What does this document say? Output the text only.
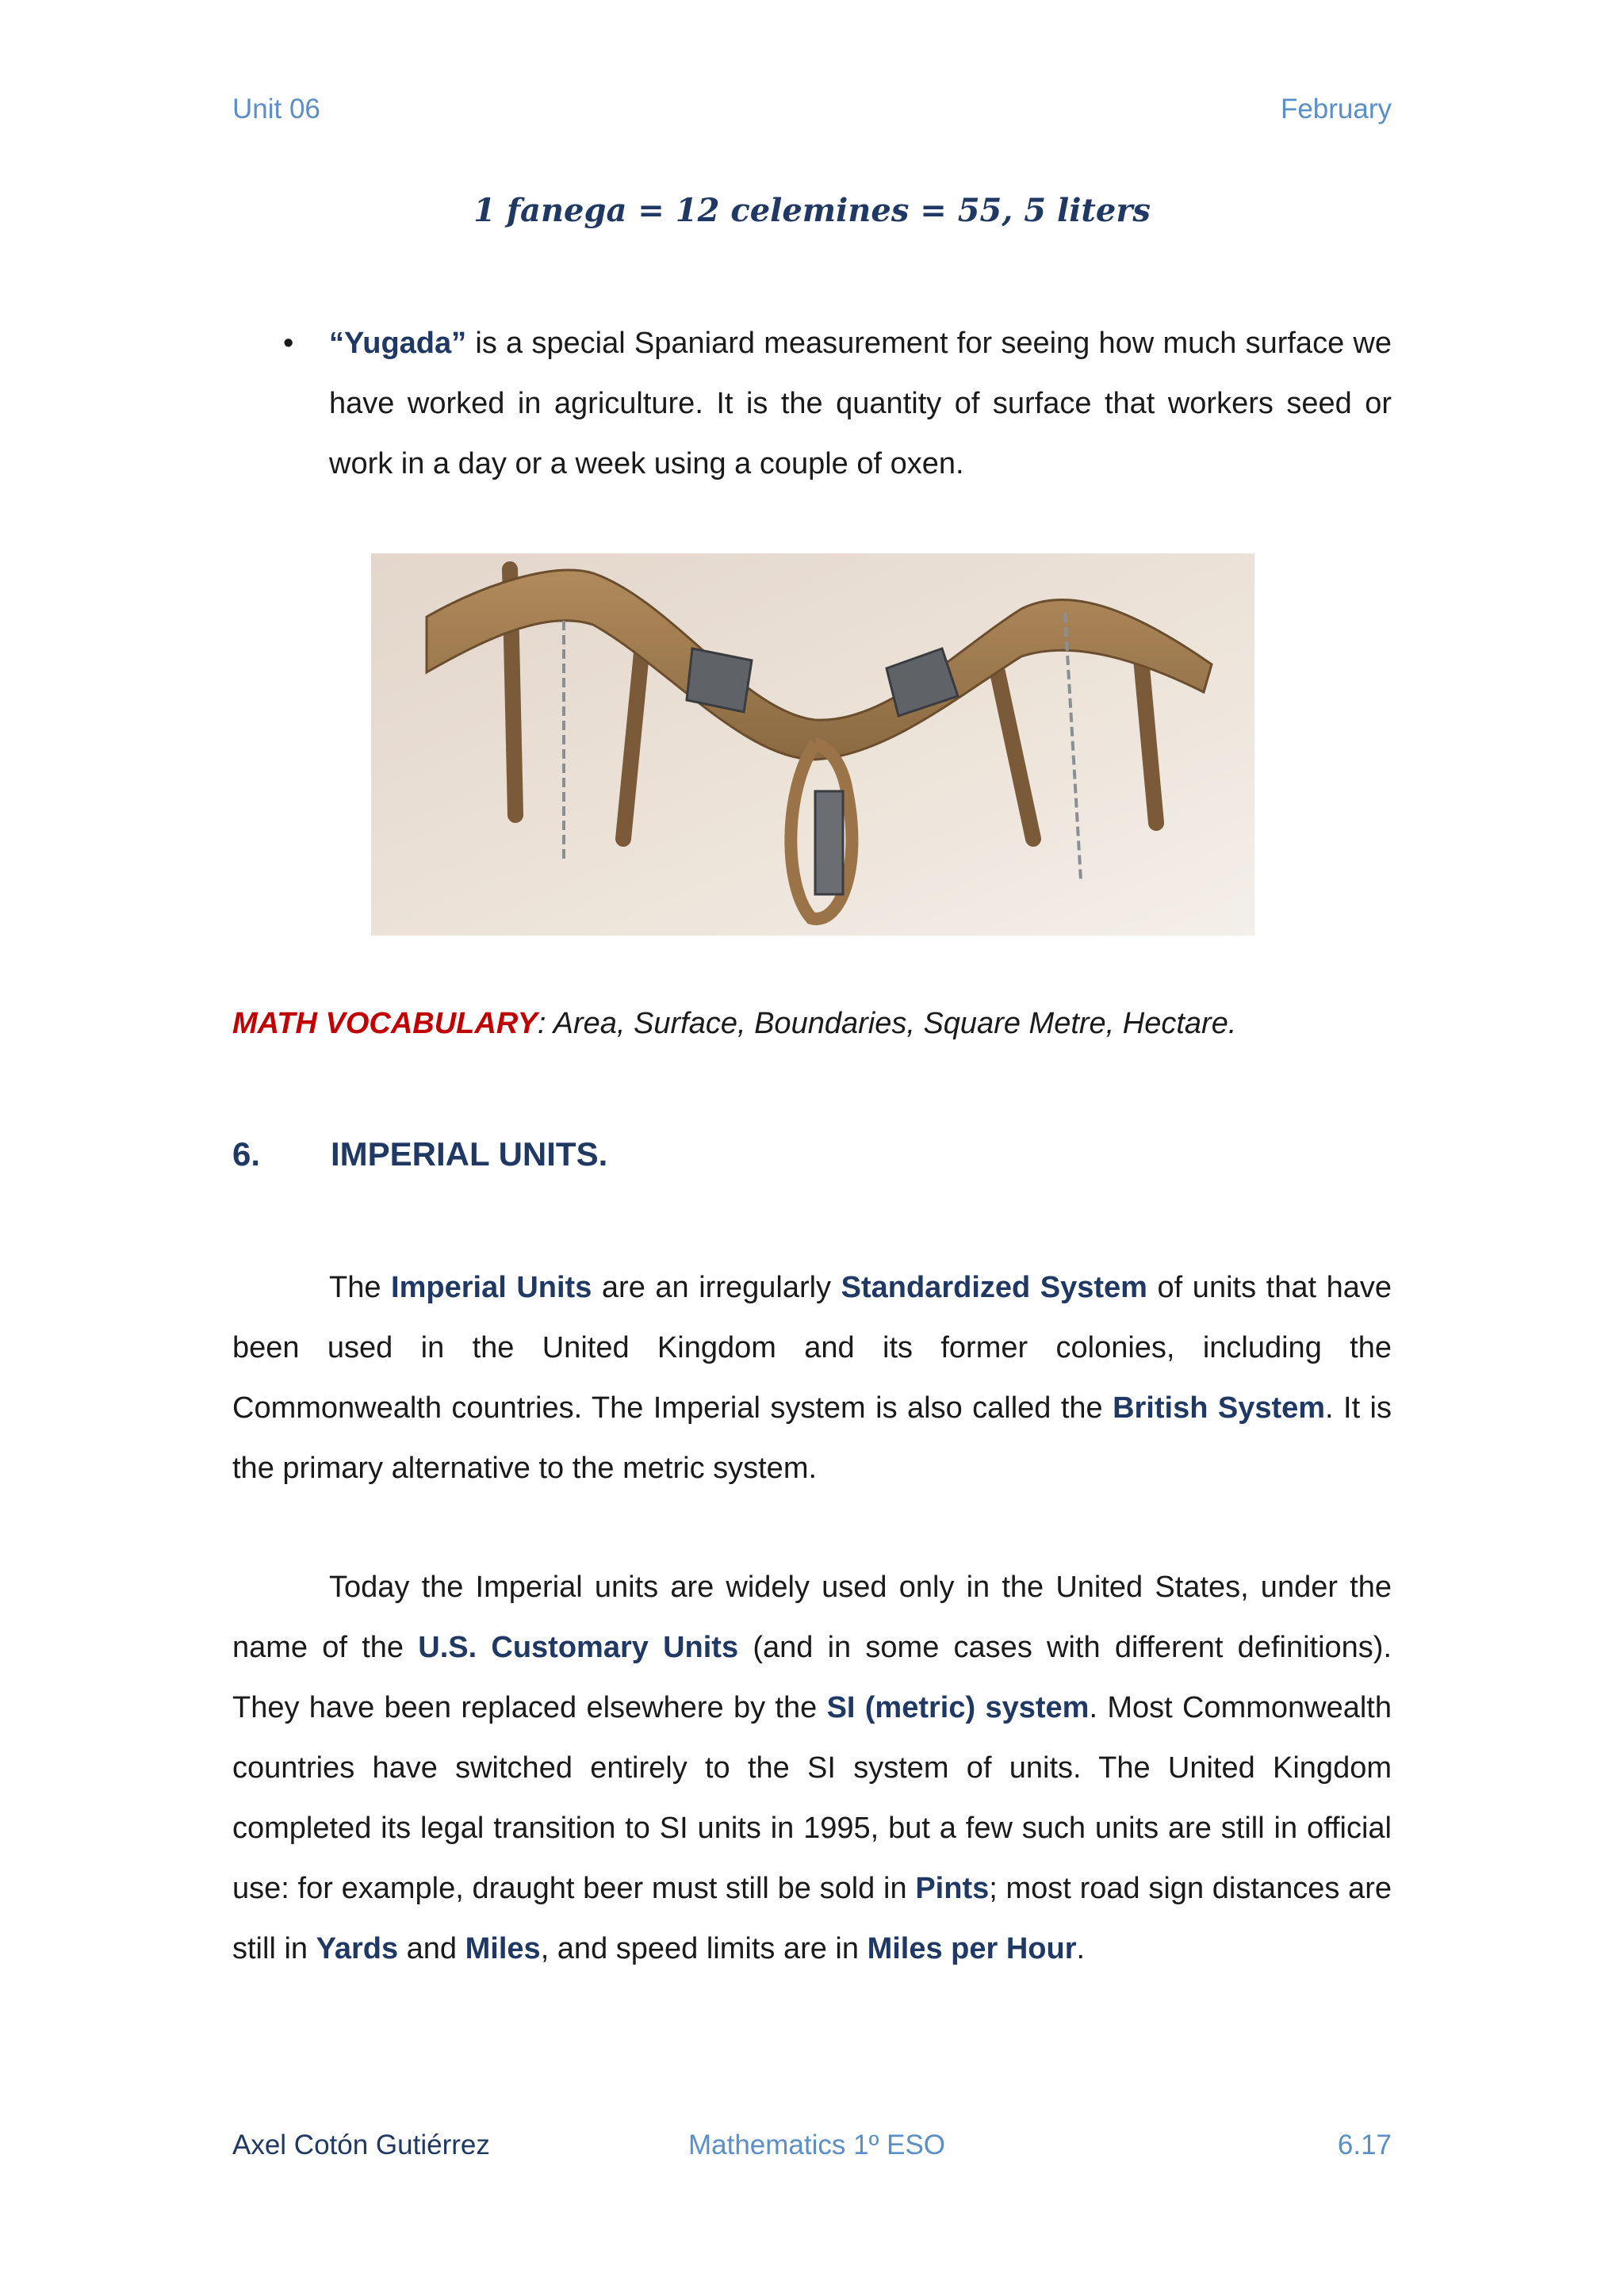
Unit 06	February
1 fanega = 12 celemines = 55, 5 liters
• “Yugada” is a special Spaniard measurement for seeing how much surface we have worked in agriculture. It is the quantity of surface that workers seed or work in a day or a week using a couple of oxen.
MATH VOCABULARY: Area, Surface, Boundaries, Square Metre, Hectare.
6. IMPERIAL UNITS.
The Imperial Units are an irregularly Standardized System of units that have been used in the United Kingdom and its former colonies, including the Commonwealth countries. The Imperial system is also called the British System. It is the primary alternative to the metric system.
Today the Imperial units are widely used only in the United States, under the name of the U.S. Customary Units (and in some cases with different definitions). They have been replaced elsewhere by the SI (metric) system. Most Commonwealth countries have switched entirely to the SI system of units. The United Kingdom completed its legal transition to SI units in 1995, but a few such units are still in official use: for example, draught beer must still be sold in Pints; most road sign distances are still in Yards and Miles, and speed limits are in Miles per Hour.
Axel Cotón Gutiérrez	Mathematics 1º ESO	6.17
